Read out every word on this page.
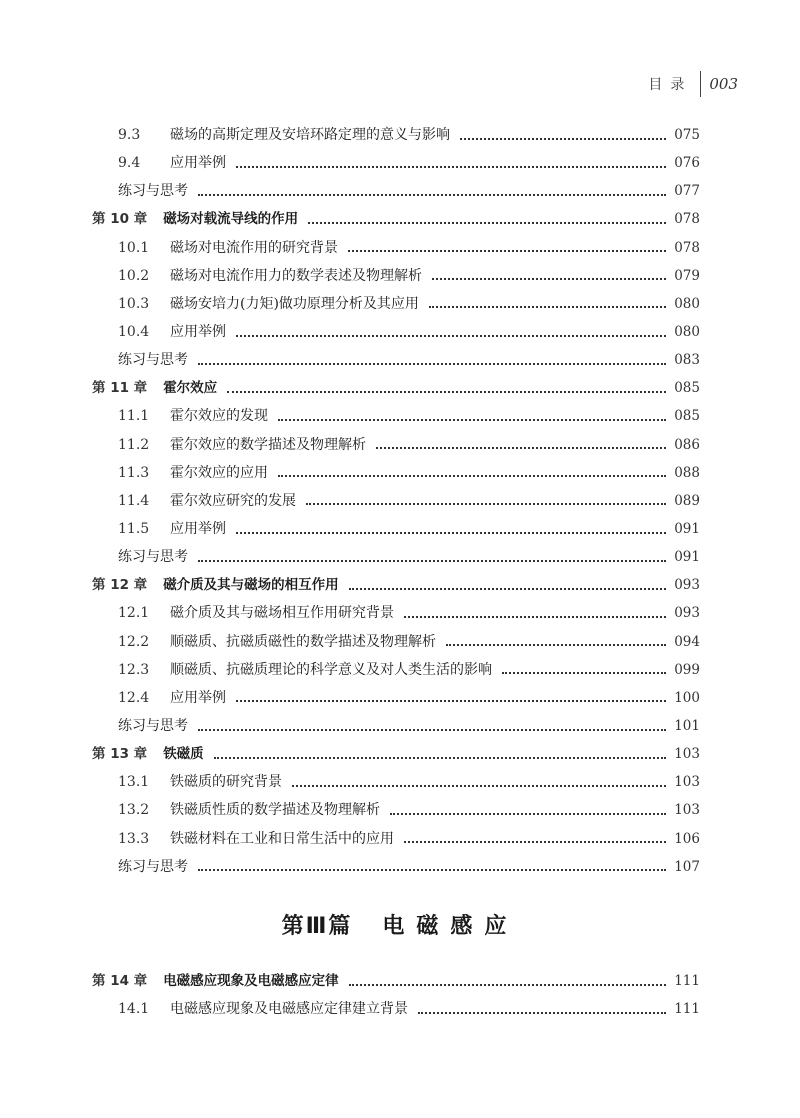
目录 003
9.3	磁场的高斯定理及安培环路定理的意义与影响	075
9.4	应用举例	076
练习与思考	077
第 10 章 磁场对载流导线的作用	078
10.1	磁场对电流作用的研究背景	078
10.2	磁场对电流作用力的数学表述及物理解析	079
10.3	磁场安培力(力矩)做功原理分析及其应用	080
10.4	应用举例	080
练习与思考	083
第 11 章 霍尔效应	085
11.1	霍尔效应的发现	085
11.2	霍尔效应的数学描述及物理解析	086
11.3	霍尔效应的应用	088
11.4	霍尔效应研究的发展	089
11.5	应用举例	091
练习与思考	091
第 12 章 磁介质及其与磁场的相互作用	093
12.1	磁介质及其与磁场相互作用研究背景	093
12.2	顺磁质、抗磁质磁性的数学描述及物理解析	094
12.3	顺磁质、抗磁质理论的科学意义及对人类生活的影响	099
12.4	应用举例	100
练习与思考	101
第 13 章 铁磁质	103
13.1	铁磁质的研究背景	103
13.2	铁磁质性质的数学描述及物理解析	103
13.3	铁磁材料在工业和日常生活中的应用	106
练习与思考	107
第Ⅲ篇 电磁感应
第 14 章 电磁感应现象及电磁感应定律	111
14.1	电磁感应现象及电磁感应定律建立背景	111
